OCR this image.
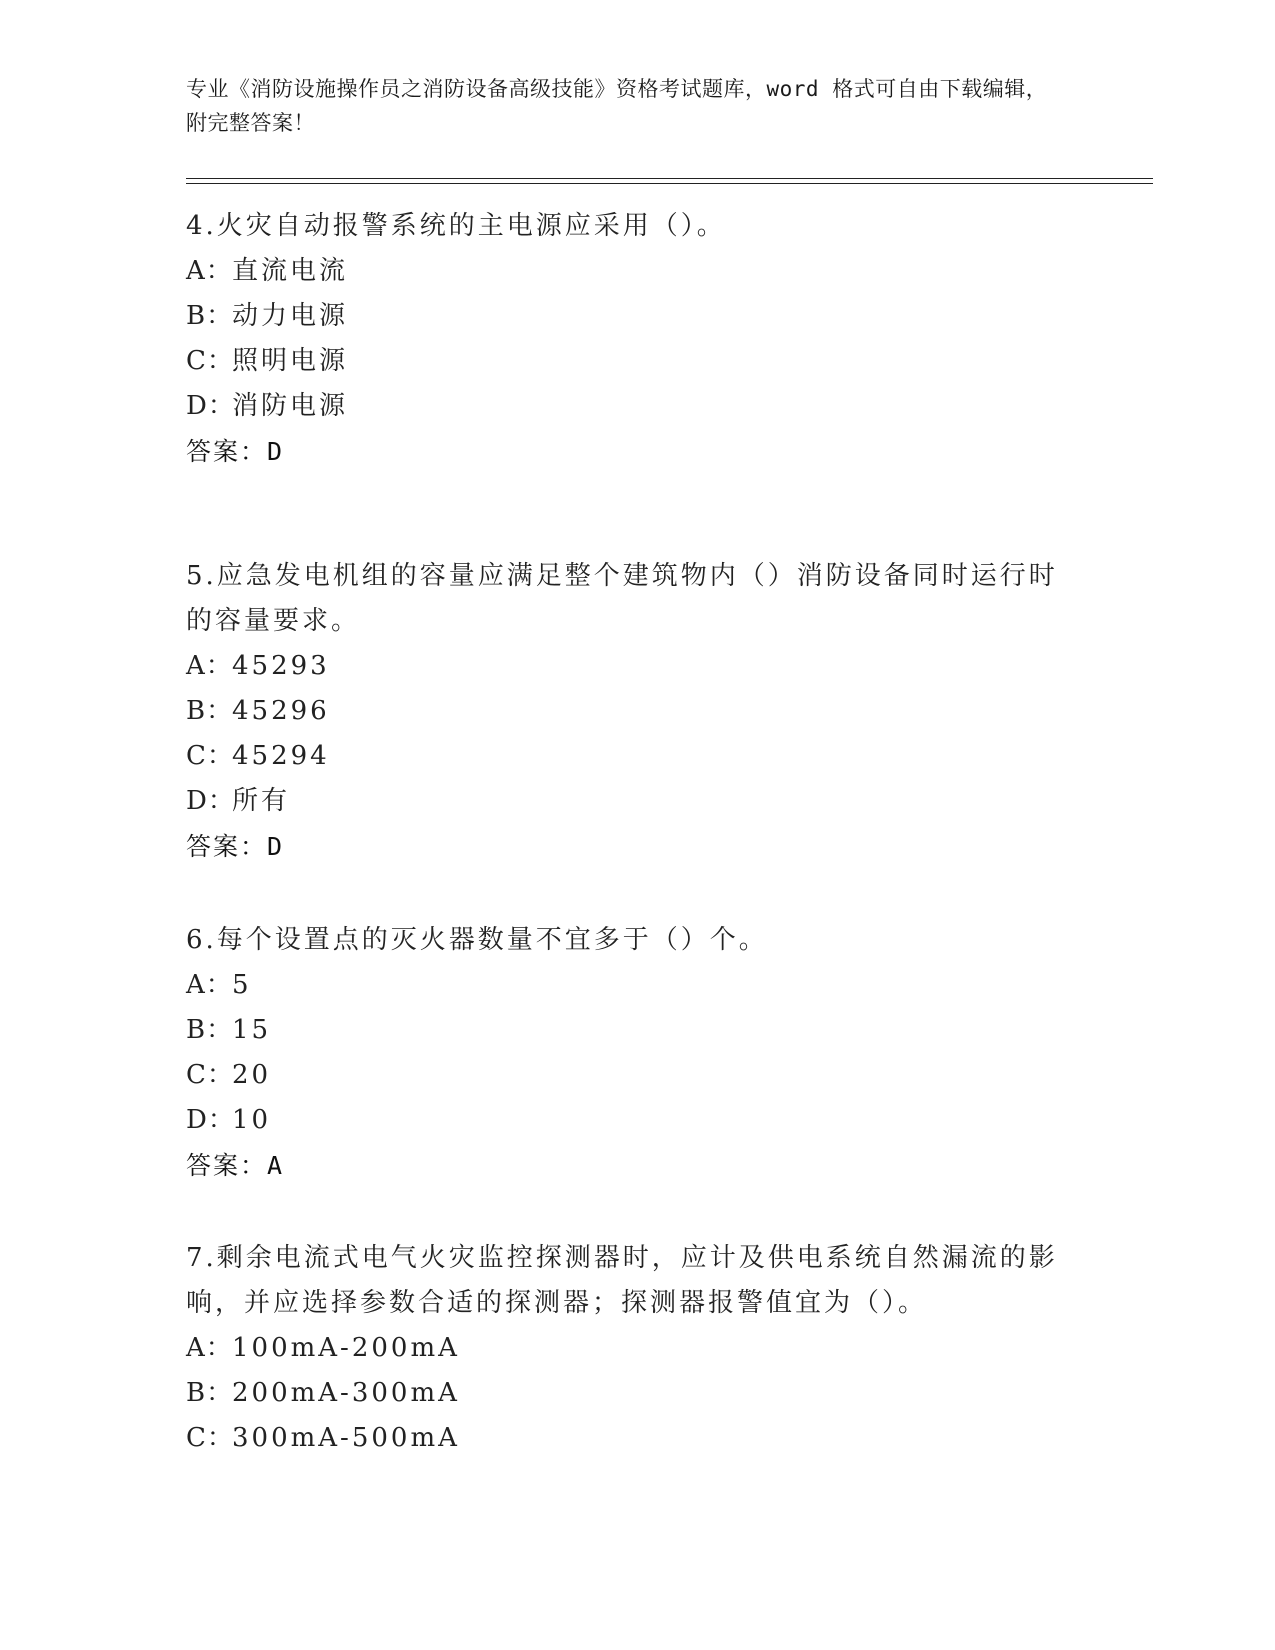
专业《消防设施操作员之消防设备高级技能》资格考试题库，word 格式可自由下载编辑，附完整答案！

4.火灾自动报警系统的主电源应采用（）。

A：直流电流

B：动力电源

C：照明电源

D：消防电源

答案：D

5.应急发电机组的容量应满足整个建筑物内（）消防设备同时运行时的容量要求。

A：45293

B：45296

C：45294

D：所有

答案：D

6.每个设置点的灭火器数量不宜多于（）个。

A：5

B：15

C：20

D：10

答案：A

7.剩余电流式电气火灾监控探测器时，应计及供电系统自然漏流的影响，并应选择参数合适的探测器；探测器报警值宜为（）。

A：100mA-200mA

B：200mA-300mA

C：300mA-500mA
